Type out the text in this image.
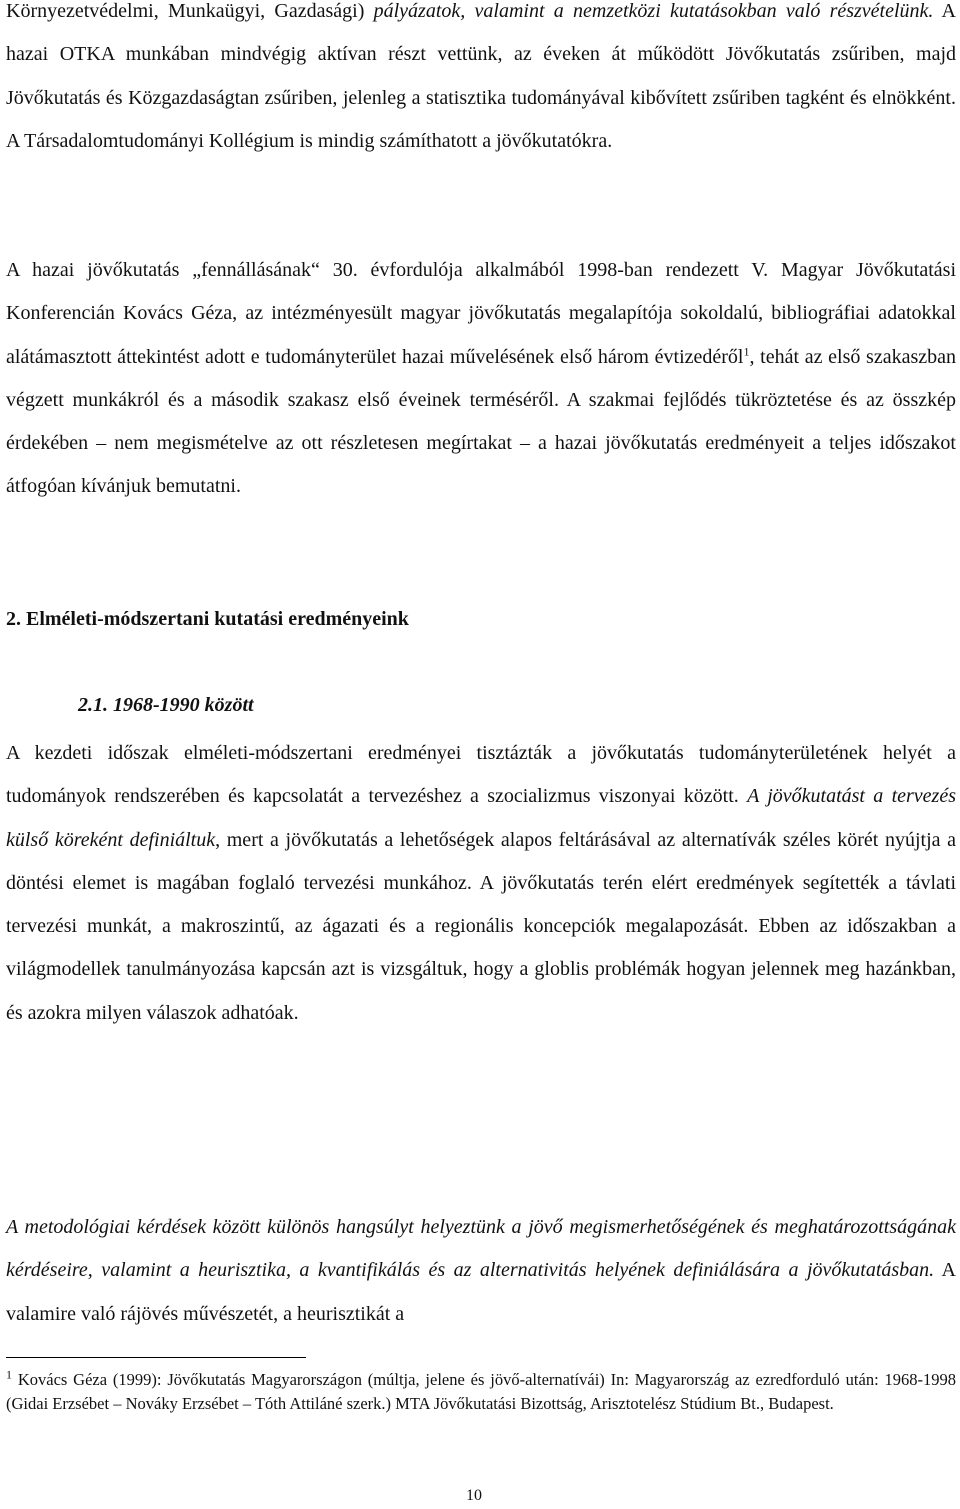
Környezetvédelmi, Munkaügyi, Gazdasági) pályázatok, valamint a nemzetközi kutatásokban való részvételünk. A hazai OTKA munkában mindvégig aktívan részt vettünk, az éveken át működött Jövőkutatás zsűriben, majd Jövőkutatás és Közgazdaságtan zsűriben, jelenleg a statisztika tudományával kibővített zsűriben tagként és elnökként. A Társadalomtudományi Kollégium is mindig számíthatott a jövőkutatókra.

A hazai jövőkutatás „fennállásának“ 30. évfordulója alkalmából 1998-ban rendezett V. Magyar Jövőkutatási Konferencián Kovács Géza, az intézményesült magyar jövőkutatás megalapítója sokoldalú, bibliográfiai adatokkal alátámasztott áttekintést adott e tudományterület hazai művelésének első három évtizedéről$^1$, tehát az első szakaszban végzett munkákról és a második szakasz első éveinek terméséről. A szakmai fejlődés tükröztetése és az összkép érdekében – nem megismételve az ott részletesen megírtakat – a hazai jövőkutatás eredményeit a teljes időszakot átfogóan kívánjuk bemutatni.

2. Elméleti-módszertani kutatási eredményeink
2.1. 1968-1990 között

A kezdeti időszak elméleti-módszertani eredményei tisztázták a jövőkutatás tudományterületének helyét a tudományok rendszerében és kapcsolatát a tervezéshez a szocializmus viszonyai között. A jövőkutatást a tervezés külső köreként definiáltuk, mert a jövőkutatás a lehetőségek alapos feltárásával az alternatívák széles körét nyújtja a döntési elemet is magában foglaló tervezési munkához. A jövőkutatás terén elért eredmények segítették a távlati tervezési munkát, a makroszintű, az ágazati és a regionális koncepciók megalapozását. Ebben az időszakban a világmodellek tanulmányozása kapcsán azt is vizsgáltuk, hogy a globlis problémák hogyan jelennek meg hazánkban, és azokra milyen válaszok adhatóak.

A metodológiai kérdések között különös hangsúlyt helyeztünk a jövő megismerhetőségének és meghatározottságának kérdéseire, valamint a heurisztika, a kvantifikálás és az alternativitás helyének definiálására a jövőkutatásban. A valamire való rájövés művészetét, a heurisztikát a

$^1$ Kovács Géza (1999): Jövőkutatás Magyarországon (múltja, jelene és jövő-alternatívái) In: Magyarország az ezredforduló után: 1968-1998 (Gidai Erzsébet – Nováky Erzsébet – Tóth Attiláné szerk.) MTA Jövőkutatási Bizottság, Arisztotelész Stúdium Bt., Budapest.

10
